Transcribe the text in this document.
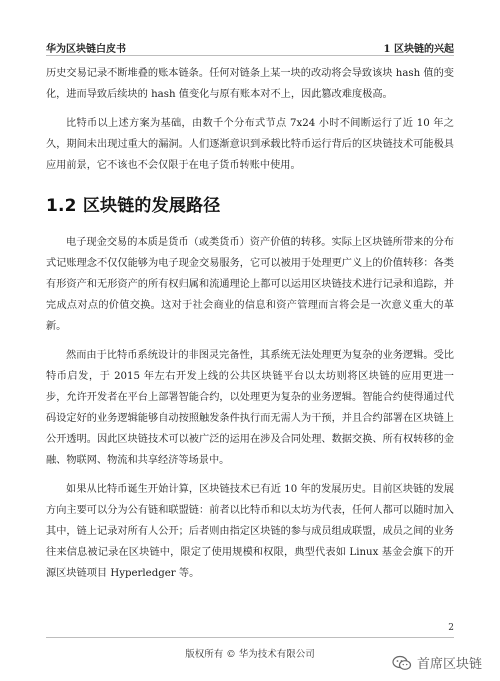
华为区块链白皮书	1 区块链的兴起

历史交易记录不断堆叠的账本链条。任何对链条上某一块的改动将会导致该块 hash 值的变化，进而导致后续块的 hash 值变化与原有账本对不上，因此篡改难度极高。

比特币以上述方案为基础，由数千个分布式节点 7x24 小时不间断运行了近 10 年之久，期间未出现过重大的漏洞。人们逐渐意识到承载比特币运行背后的区块链技术可能极具应用前景，它不该也不会仅限于在电子货币转账中使用。

1.2 区块链的发展路径

电子现金交易的本质是货币（或类货币）资产价值的转移。实际上区块链所带来的分布式记账理念不仅仅能够为电子现金交易服务，它可以被用于处理更广义上的价值转移：各类有形资产和无形资产的所有权归属和流通理论上都可以运用区块链技术进行记录和追踪，并完成点对点的价值交换。这对于社会商业的信息和资产管理而言将会是一次意义重大的革新。

然而由于比特币系统设计的非图灵完备性，其系统无法处理更为复杂的业务逻辑。受比特币启发，于 2015 年左右开发上线的公共区块链平台以太坊则将区块链的应用更进一步，允许开发者在平台上部署智能合约，以处理更为复杂的业务逻辑。智能合约使得通过代码设定好的业务逻辑能够自动按照触发条件执行而无需人为干预，并且合约部署在区块链上公开透明。因此区块链技术可以被广泛的运用在涉及合同处理、数据交换、所有权转移的金融、物联网、物流和共享经济等场景中。

如果从比特币诞生开始计算，区块链技术已有近 10 年的发展历史。目前区块链的发展方向主要可以分为公有链和联盟链：前者以比特币和以太坊为代表，任何人都可以随时加入其中，链上记录对所有人公开；后者则由指定区块链的参与成员组成联盟，成员之间的业务往来信息被记录在区块链中，限定了使用规模和权限，典型代表如 Linux 基金会旗下的开源区块链项目 Hyperledger 等。

2
版权所有 © 华为技术有限公司
首席区块链
